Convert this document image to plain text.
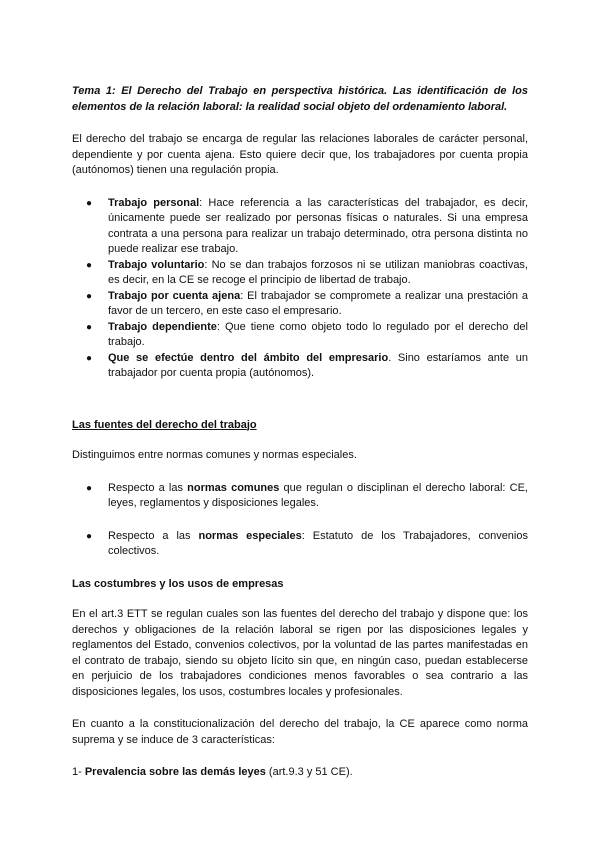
Tema 1: El Derecho del Trabajo en perspectiva histórica. Las identificación de los elementos de la relación laboral: la realidad social objeto del ordenamiento laboral.

El derecho del trabajo se encarga de regular las relaciones laborales de carácter personal, dependiente y por cuenta ajena. Esto quiere decir que, los trabajadores por cuenta propia (autónomos) tienen una regulación propia.

● Trabajo personal: Hace referencia a las características del trabajador, es decir, únicamente puede ser realizado por personas físicas o naturales. Si una empresa contrata a una persona para realizar un trabajo determinado, otra persona distinta no puede realizar ese trabajo.
● Trabajo voluntario: No se dan trabajos forzosos ni se utilizan maniobras coactivas, es decir, en la CE se recoge el principio de libertad de trabajo.
● Trabajo por cuenta ajena: El trabajador se compromete a realizar una prestación a favor de un tercero, en este caso el empresario.
● Trabajo dependiente: Que tiene como objeto todo lo regulado por el derecho del trabajo.
● Que se efectúe dentro del ámbito del empresario. Sino estaríamos ante un trabajador por cuenta propia (autónomos).

Las fuentes del derecho del trabajo

Distinguimos entre normas comunes y normas especiales.

● Respecto a las normas comunes que regulan o disciplinan el derecho laboral: CE, leyes, reglamentos y disposiciones legales.
● Respecto a las normas especiales: Estatuto de los Trabajadores, convenios colectivos.

Las costumbres y los usos de empresas

En el art.3 ETT se regulan cuales son las fuentes del derecho del trabajo y dispone que: los derechos y obligaciones de la relación laboral se rigen por las disposiciones legales y reglamentos del Estado, convenios colectivos, por la voluntad de las partes manifestadas en el contrato de trabajo, siendo su objeto lícito sin que, en ningún caso, puedan establecerse en perjuicio de los trabajadores condiciones menos favorables o sea contrario a las disposiciones legales, los usos, costumbres locales y profesionales.

En cuanto a la constitucionalización del derecho del trabajo, la CE aparece como norma suprema y se induce de 3 características:

1- Prevalencia sobre las demás leyes (art.9.3 y 51 CE).
